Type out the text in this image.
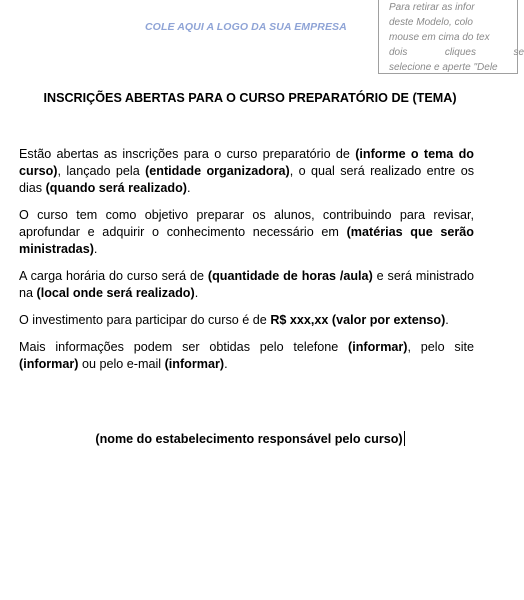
COLE AQUI A LOGO DA SUA EMPRESA
Para retirar as infor
deste Modelo, colo
mouse em cima do tex
dois	cliques	se
selecione e aperte "Dele
INSCRIÇÕES ABERTAS PARA O CURSO PREPARATÓRIO DE (TEMA)

Estão abertas as inscrições para o curso preparatório de (informe o tema do curso), lançado pela (entidade organizadora), o qual será realizado entre os dias (quando será realizado).

O curso tem como objetivo preparar os alunos, contribuindo para revisar, aprofundar e adquirir o conhecimento necessário em (matérias que serão ministradas).

A carga horária do curso será de (quantidade de horas /aula) e será ministrado na (local onde será realizado).

O investimento para participar do curso é de R$ xxx,xx (valor por extenso).

Mais informações podem ser obtidas pelo telefone (informar), pelo site (informar) ou pelo e-mail (informar).

(nome do estabelecimento responsável pelo curso)
